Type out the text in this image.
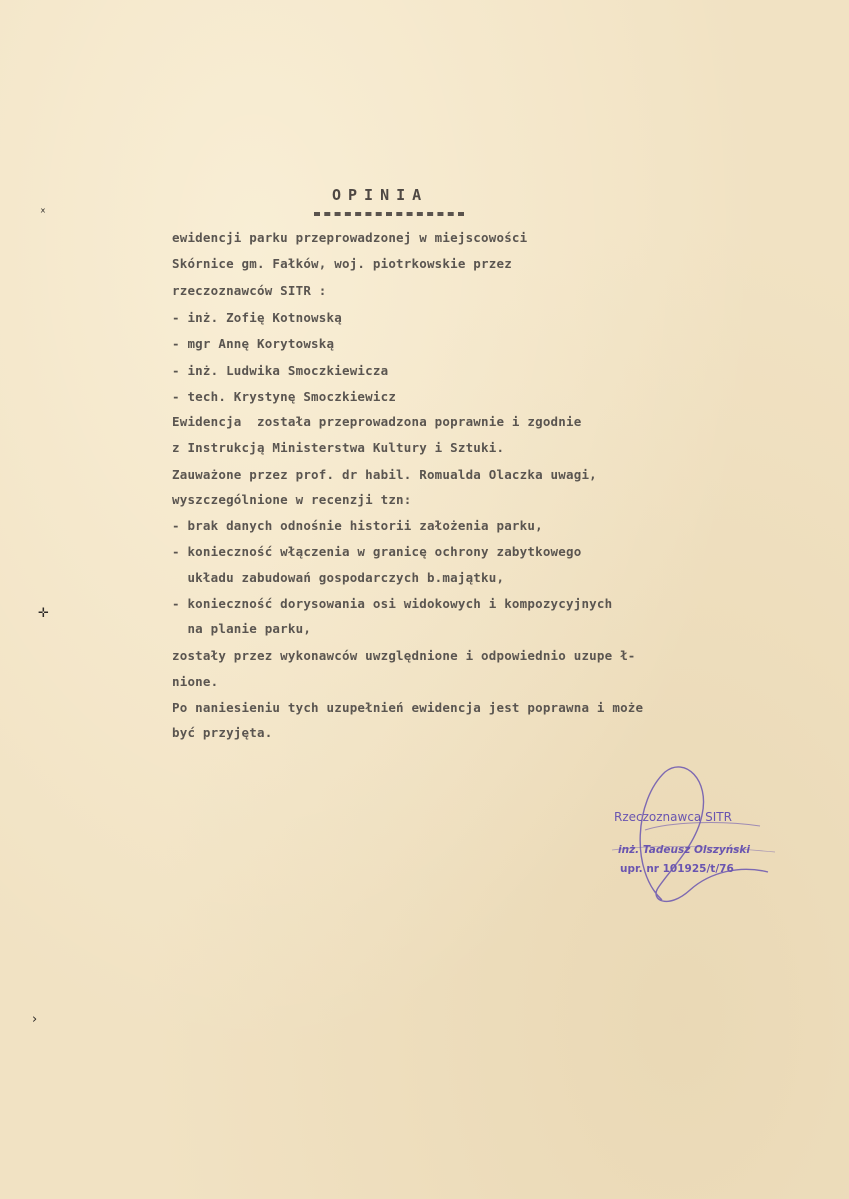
OPINIA
ewidencji parku przeprowadzonej w miejscowości
Skórnice gm. Fałków, woj. piotrkowskie przez
rzeczoznawców SITR :
- inż. Zofię Kotnowską
- mgr Annę Korytowską
- inż. Ludwika Smoczkiewicza
- tech. Krystynę Smoczkiewicz
Ewidencja  została przeprowadzona poprawnie i zgodnie
z Instrukcją Ministerstwa Kultury i Sztuki.
Zauważone przez prof. dr habil. Romualda Olaczka uwagi,
wyszczególnione w recenzji tzn:
- brak danych odnośnie historii założenia parku,
- konieczność włączenia w granicę ochrony zabytkowego
układu zabudowań gospodarczych b.majątku,
- konieczność dorysowania osi widokowych i kompozycyjnych
na planie parku,
zostały przez wykonawców uwzględnione i odpowiednio uzupe ł-
nione.
Po naniesieniu tych uzupełnień ewidencja jest poprawna i może
być przyjęta.
ˣ
✛
›
Rzeczoznawca SITR
inż. Tadeusz Olszyński
upr. nr 101925/t/76
